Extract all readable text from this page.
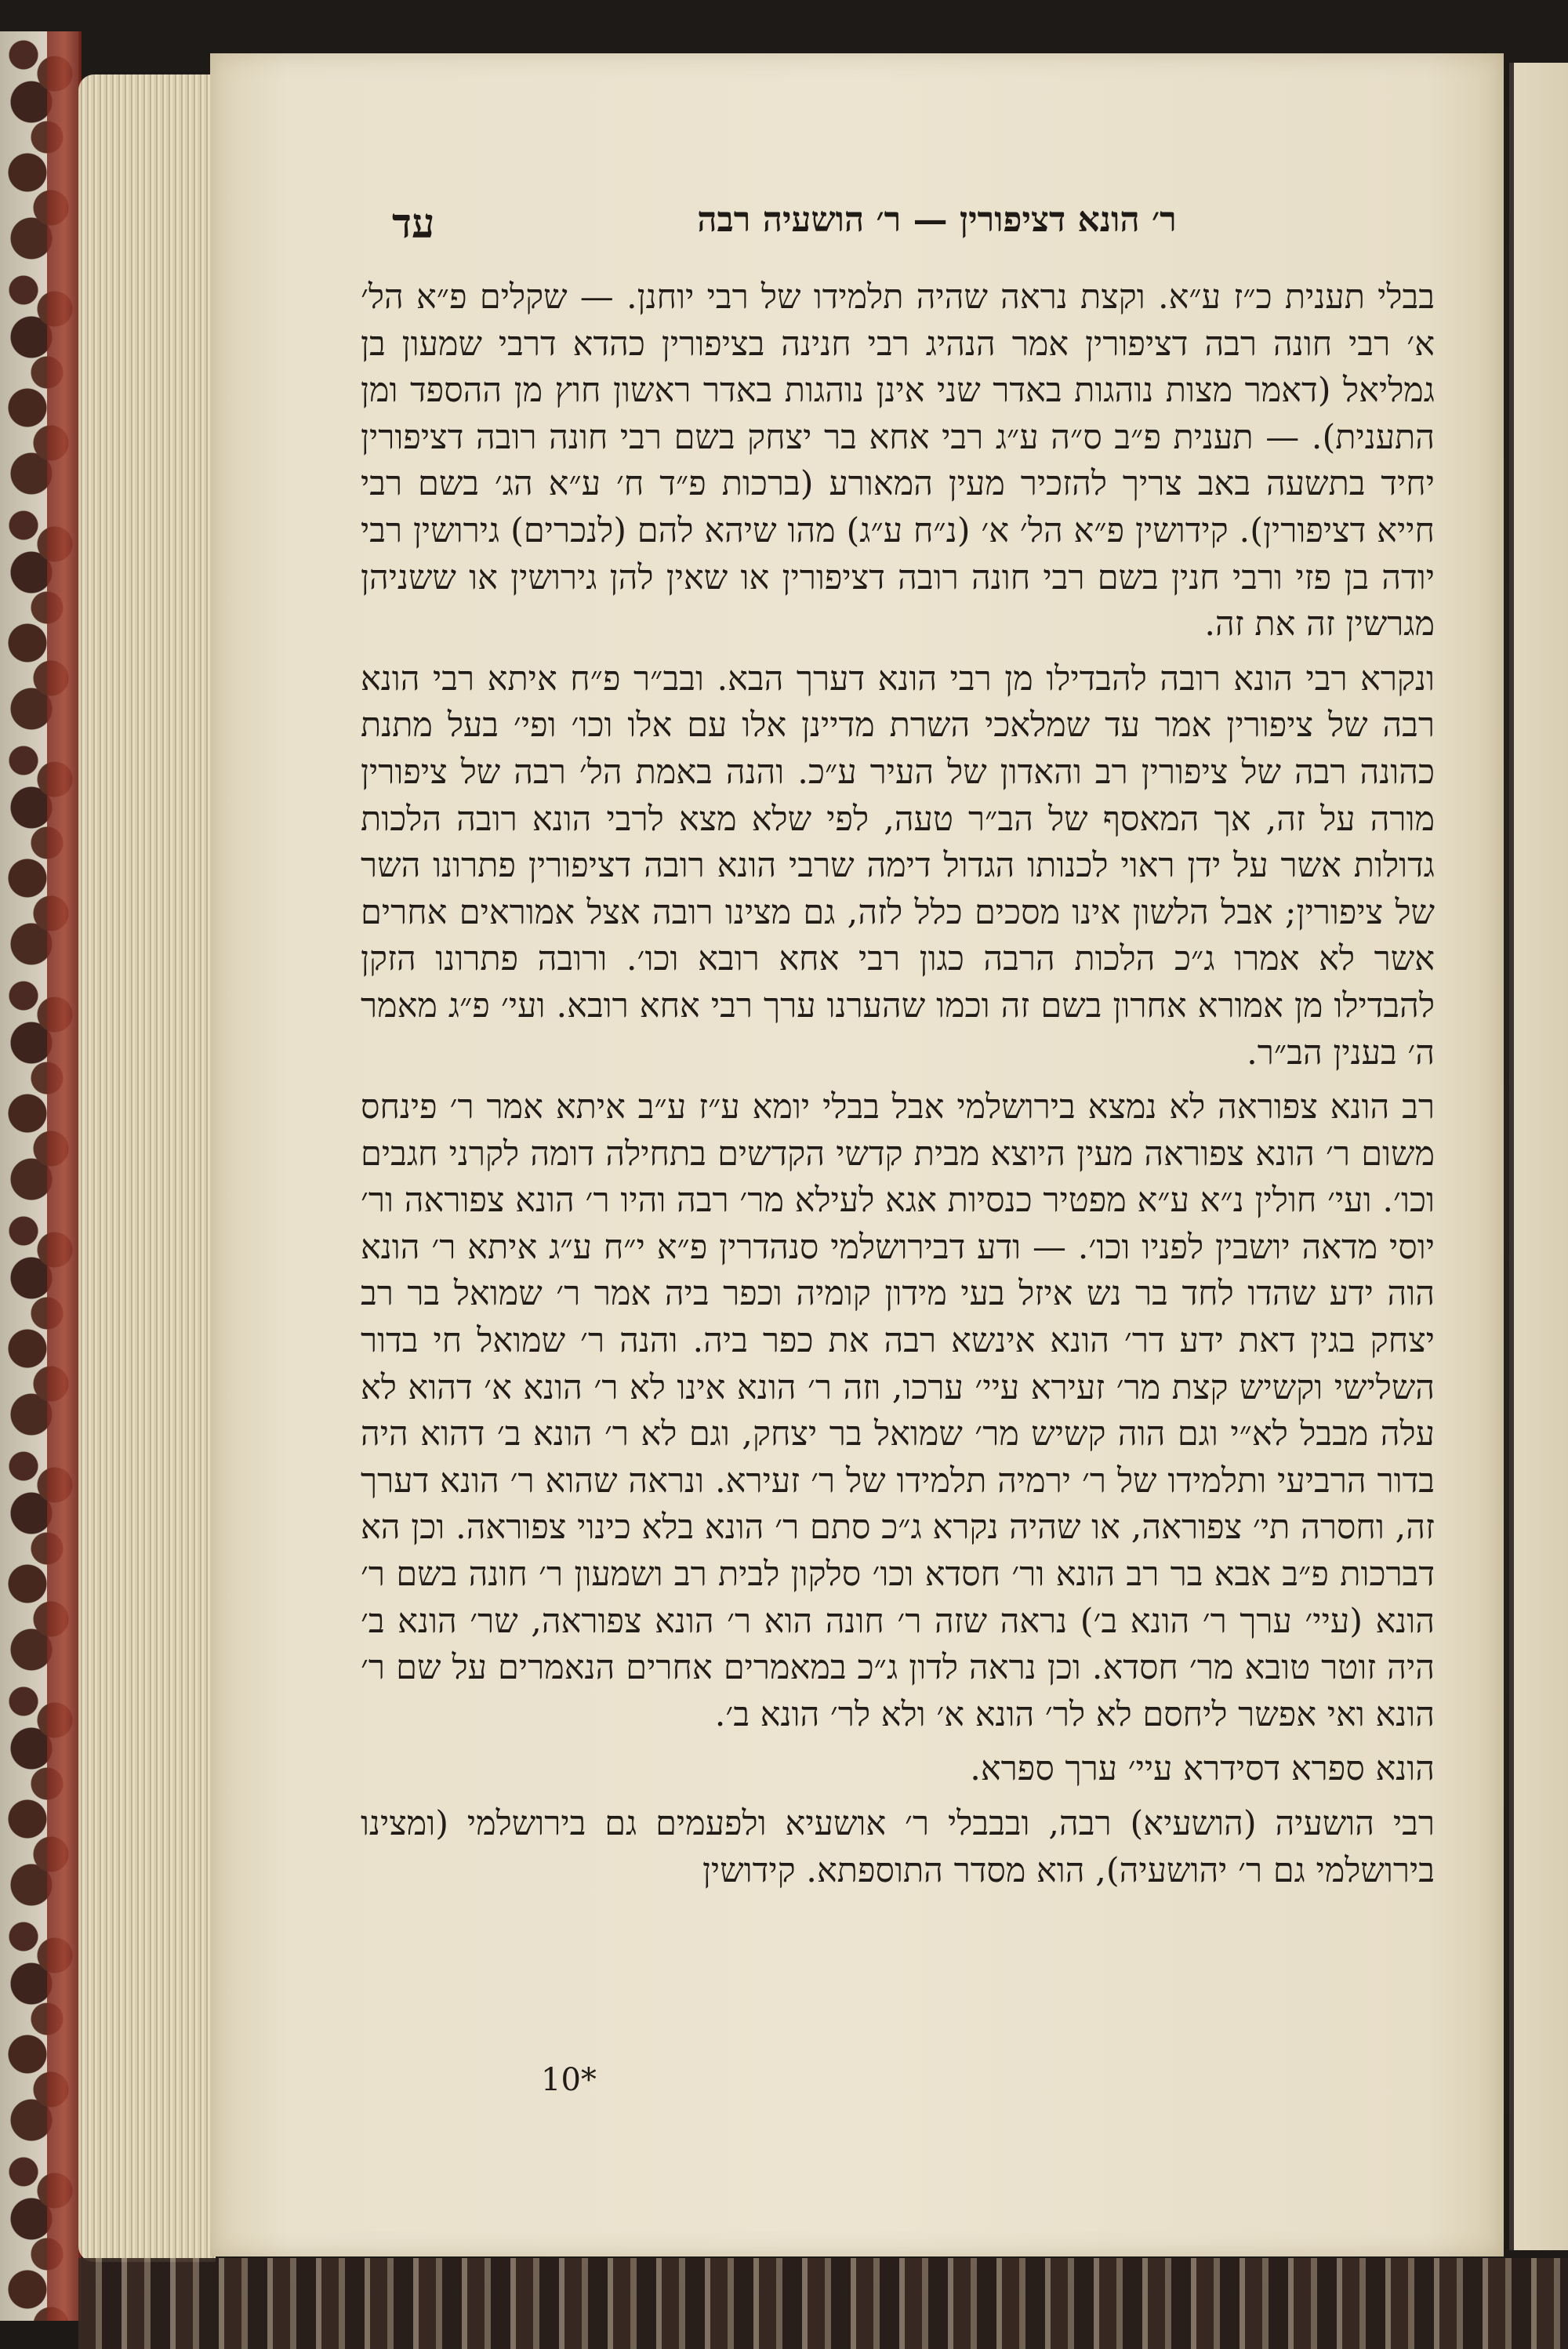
עד	ר׳ הונא דציפורין — ר׳ הושעיה רבה

בבלי תענית כ״ז ע״א. וקצת נראה שהיה תלמידו של רבי יוחנן. — שקלים פ״א הל׳ א׳ רבי חונה רבה דציפורין אמר הנהיג רבי חנינה בציפורין כהדא דרבי שמעון בן גמליאל (דאמר מצות נוהגות באדר שני אינן נוהגות באדר ראשון חוץ מן ההספד ומן התענית). — תענית פ״ב ס״ה ע״ג רבי אחא בר יצחק בשם רבי חונה רובה דציפורין יחיד בתשעה באב צריך להזכיר מעין המאורע (ברכות פ״ד ח׳ ע״א הג׳ בשם רבי חייא דציפורין). קידושין פ״א הל׳ א׳ (נ״ח ע״ג) מהו שיהא להם (לנכרים) גירושין רבי יודה בן פזי ורבי חנין בשם רבי חונה רובה דציפורין או שאין להן גירושין או ששניהן מגרשין זה את זה.

ונקרא רבי הונא רובה להבדילו מן רבי הונא דערך הבא. ובב״ר פ״ח איתא רבי הונא רבה של ציפורין אמר עד שמלאכי השרת מדיינן אלו עם אלו וכו׳ ופי׳ בעל מתנת כהונה רבה של ציפורין רב והאדון של העיר ע״כ. והנה באמת הל׳ רבה של ציפורין מורה על זה, אך המאסף של הב״ר טעה, לפי שלא מצא לרבי הונא רובה הלכות גדולות אשר על ידן ראוי לכנותו הגדול דימה שרבי הונא רובה דציפורין פתרונו השר של ציפורין; אבל הלשון אינו מסכים כלל לזה, גם מצינו רובה אצל אמוראים אחרים אשר לא אמרו ג״כ הלכות הרבה כגון רבי אחא רובא וכו׳. ורובה פתרונו הזקן להבדילו מן אמורא אחרון בשם זה וכמו שהערנו ערך רבי אחא רובא. ועי׳ פ״ג מאמר ה׳ בענין הב״ר.

רב הונא צפוראה לא נמצא בירושלמי אבל בבלי יומא ע״ז ע״ב איתא אמר ר׳ פינחס משום ר׳ הונא צפוראה מעין היוצא מבית קדשי הקדשים בתחילה דומה לקרני חגבים וכו׳. ועי׳ חולין נ״א ע״א מפטיר כנסיות אגא לעילא מר׳ רבה והיו ר׳ הונא צפוראה ור׳ יוסי מדאה יושבין לפניו וכו׳. — ודע דבירושלמי סנהדרין פ״א י״ח ע״ג איתא ר׳ הונא הוה ידע שהדו לחד בר נש איזל בעי מידון קומיה וכפר ביה אמר ר׳ שמואל בר רב יצחק בגין דאת ידע דר׳ הונא אינשא רבה את כפר ביה. והנה ר׳ שמואל חי בדור השלישי וקשיש קצת מר׳ זעירא עיי׳ ערכו, וזה ר׳ הונא אינו לא ר׳ הונא א׳ דהוא לא עלה מבבל לא״י וגם הוה קשיש מר׳ שמואל בר יצחק, וגם לא ר׳ הונא ב׳ דהוא היה בדור הרביעי ותלמידו של ר׳ ירמיה תלמידו של ר׳ זעירא. ונראה שהוא ר׳ הונא דערך זה, וחסרה תי׳ צפוראה, או שהיה נקרא ג״כ סתם ר׳ הונא בלא כינוי צפוראה. וכן הא דברכות פ״ב אבא בר רב הונא ור׳ חסדא וכו׳ סלקון לבית רב ושמעון ר׳ חונה בשם ר׳ הונא (עיי׳ ערך ר׳ הונא ב׳) נראה שזה ר׳ חונה הוא ר׳ הונא צפוראה, שר׳ הונא ב׳ היה זוטר טובא מר׳ חסדא. וכן נראה לדון ג״כ במאמרים אחרים הנאמרים על שם ר׳ הונא ואי אפשר ליחסם לא לר׳ הונא א׳ ולא לר׳ הונא ב׳.

הונא ספרא דסידרא עיי׳ ערך ספרא.

רבי הושעיה (הושעיא) רבה, ובבבלי ר׳ אושעיא ולפעמים גם בירושלמי (ומצינו בירושלמי גם ר׳ יהושעיה), הוא מסדר התוספתא. קידושין

10*
